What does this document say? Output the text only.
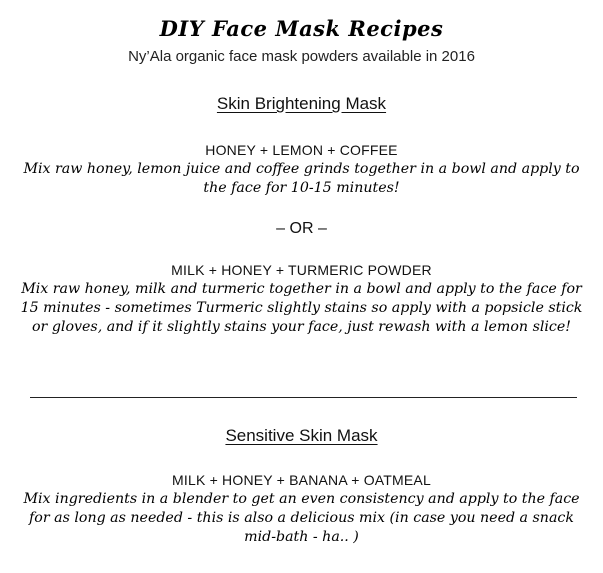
DIY Face Mask Recipes
Ny’Ala organic face mask powders available in 2016
Skin Brightening Mask
HONEY + LEMON + COFFEE
Mix raw honey, lemon juice and coffee grinds together in a bowl and apply to the face for 10-15 minutes!
– OR –
MILK + HONEY + TURMERIC POWDER
Mix raw honey, milk and turmeric together in a bowl and apply to the face for 15 minutes - sometimes Turmeric slightly stains so apply with a popsicle stick or gloves, and if it slightly stains your face, just rewash with a lemon slice!
Sensitive Skin Mask
MILK + HONEY + BANANA + OATMEAL
Mix ingredients in a blender to get an even consistency and apply to the face for as long as needed - this is also a delicious mix (in case you need a snack mid-bath - ha.. )
